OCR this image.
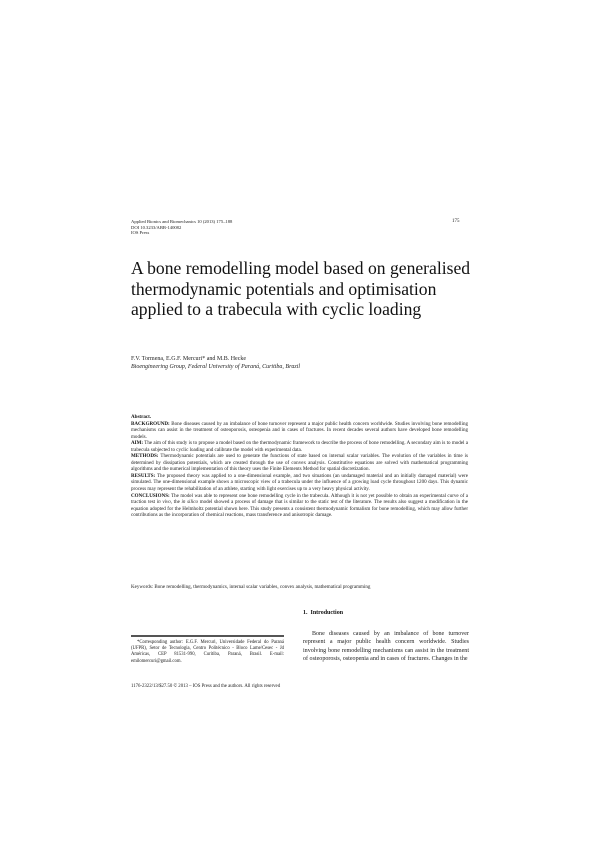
Applied Bionics and Biomechanics 10 (2013) 175–188
DOI 10.3233/ABB-140082
IOS Press
175
A bone remodelling model based on generalised thermodynamic potentials and optimisation applied to a trabecula with cyclic loading
F.V. Tormena, E.G.F. Mercuri* and M.B. Hecke
Bioengineering Group, Federal University of Paraná, Curitiba, Brazil

Abstract.

BACKGROUND: Bone diseases caused by an imbalance of bone turnover represent a major public health concern worldwide. Studies involving bone remodelling mechanisms can assist in the treatment of osteoporosis, osteopenia and in cases of fractures. In recent decades several authors have developed bone remodelling models.

AIM: The aim of this study is to propose a model based on the thermodynamic framework to describe the process of bone remodelling. A secondary aim is to model a trabecula subjected to cyclic loading and calibrate the model with experimental data.

METHODS: Thermodynamic potentials are used to generate the functions of state based on internal scalar variables. The evolution of the variables in time is determined by dissipation potentials, which are created through the use of convex analysis. Constitutive equations are solved with mathematical programming algorithms and the numerical implementation of this theory uses the Finite Elements Method for spatial discretization.

RESULTS: The proposed theory was applied to a one-dimensional example, and two situations (an undamaged material and an initially damaged material) were simulated. The one-dimensional example shows a microscopic view of a trabecula under the influence of a growing load cycle throughout 1200 days. This dynamic process may represent the rehabilitation of an athlete, starting with light exercises up to a very heavy physical activity.

CONCLUSIONS: The model was able to represent one bone remodelling cycle in the trabecula. Although it is not yet possible to obtain an experimental curve of a traction test in vivo, the in silico model showed a process of damage that is similar to the static test of the literature. The results also suggest a modification in the equation adopted for the Helmholtz potential shown here. This study presents a consistent thermodynamic formalism for bone remodelling, which may allow further contributions as the incorporation of chemical reactions, mass transference and anisotropic damage.

Keywords: Bone remodelling, thermodynamics, internal scalar variables, convex analysis, mathematical programming
1. Introduction
Bone diseases caused by an imbalance of bone turnover represent a major public health concern worldwide. Studies involving bone remodelling mechanisms can assist in the treatment of osteoporosis, osteopenia and in cases of fractures. Changes in the
*Corresponding author: E.G.F. Mercuri, Universidade Federal do Paraná (UFPR), Setor de Tecnologia, Centro Politécnico - Bloco Lame/Cesec - Jd Américas, CEP 81531-990, Curitiba, Paraná, Brasil. E-mail: emilomercuri@gmail.com.
1176-2322/13/$27.50 © 2013 – IOS Press and the authors. All rights reserved
